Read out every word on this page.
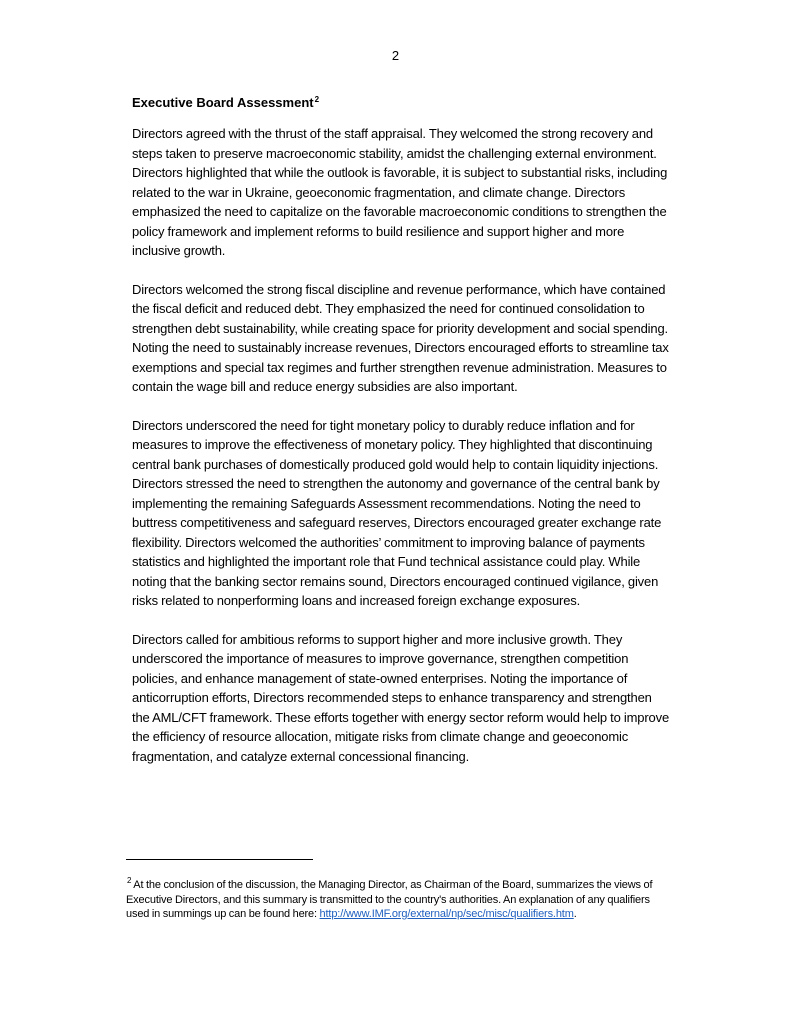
2
Executive Board Assessment$^2$

Directors agreed with the thrust of the staff appraisal. They welcomed the strong recovery and steps taken to preserve macroeconomic stability, amidst the challenging external environment. Directors highlighted that while the outlook is favorable, it is subject to substantial risks, including related to the war in Ukraine, geoeconomic fragmentation, and climate change. Directors emphasized the need to capitalize on the favorable macroeconomic conditions to strengthen the policy framework and implement reforms to build resilience and support higher and more inclusive growth.

Directors welcomed the strong fiscal discipline and revenue performance, which have contained the fiscal deficit and reduced debt. They emphasized the need for continued consolidation to strengthen debt sustainability, while creating space for priority development and social spending. Noting the need to sustainably increase revenues, Directors encouraged efforts to streamline tax exemptions and special tax regimes and further strengthen revenue administration. Measures to contain the wage bill and reduce energy subsidies are also important.

Directors underscored the need for tight monetary policy to durably reduce inflation and for measures to improve the effectiveness of monetary policy. They highlighted that discontinuing central bank purchases of domestically produced gold would help to contain liquidity injections. Directors stressed the need to strengthen the autonomy and governance of the central bank by implementing the remaining Safeguards Assessment recommendations. Noting the need to buttress competitiveness and safeguard reserves, Directors encouraged greater exchange rate flexibility. Directors welcomed the authorities’ commitment to improving balance of payments statistics and highlighted the important role that Fund technical assistance could play. While noting that the banking sector remains sound, Directors encouraged continued vigilance, given risks related to nonperforming loans and increased foreign exchange exposures.

Directors called for ambitious reforms to support higher and more inclusive growth. They underscored the importance of measures to improve governance, strengthen competition policies, and enhance management of state-owned enterprises. Noting the importance of anticorruption efforts, Directors recommended steps to enhance transparency and strengthen the AML/CFT framework. These efforts together with energy sector reform would help to improve the efficiency of resource allocation, mitigate risks from climate change and geoeconomic fragmentation, and catalyze external concessional financing.

$^2$ At the conclusion of the discussion, the Managing Director, as Chairman of the Board, summarizes the views of Executive Directors, and this summary is transmitted to the country's authorities. An explanation of any qualifiers used in summings up can be found here: http://www.IMF.org/external/np/sec/misc/qualifiers.htm.
